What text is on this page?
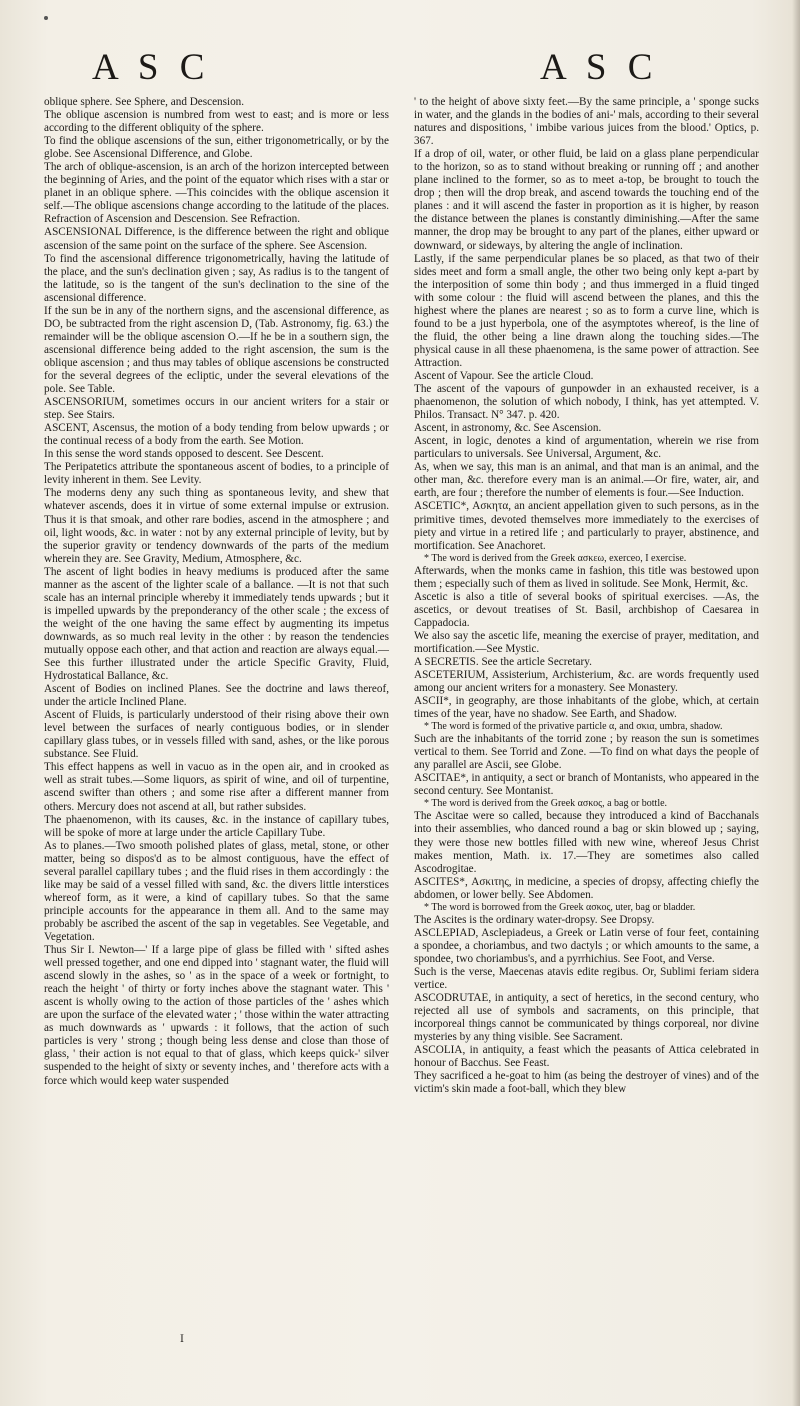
A S C	A S C

oblique sphere. See Sphere, and Descension.

The oblique ascension is numbred from west to east; and is more or less according to the different obliquity of the sphere.

To find the oblique ascensions of the sun, either trigonometrically, or by the globe. See Ascensional Difference, and Globe.

The arch of oblique-ascension, is an arch of the horizon intercepted between the beginning of Aries, and the point of the equator which rises with a star or planet in an oblique sphere. —This coincides with the oblique ascension it self.—The oblique ascensions change according to the latitude of the places. Refraction of Ascension and Descension. See Refraction.

ASCENSIONAL Difference, is the difference between the right and oblique ascension of the same point on the surface of the sphere. See Ascension.

To find the ascensional difference trigonometrically, having the latitude of the place, and the sun's declination given ; say, As radius is to the tangent of the latitude, so is the tangent of the sun's declination to the sine of the ascensional difference.

If the sun be in any of the northern signs, and the ascensional difference, as DO, be subtracted from the right ascension D, (Tab. Astronomy, fig. 63.) the remainder will be the oblique ascension O.—If he be in a southern sign, the ascensional difference being added to the right ascension, the sum is the oblique ascension ; and thus may tables of oblique ascensions be constructed for the several degrees of the ecliptic, under the several elevations of the pole. See Table.

ASCENSORIUM, sometimes occurs in our ancient writers for a stair or step. See Stairs.

ASCENT, Ascensus, the motion of a body tending from below upwards ; or the continual recess of a body from the earth. See Motion.

In this sense the word stands opposed to descent. See Descent.

The Peripatetics attribute the spontaneous ascent of bodies, to a principle of levity inherent in them. See Levity.

The moderns deny any such thing as spontaneous levity, and shew that whatever ascends, does it in virtue of some external impulse or extrusion. Thus it is that smoak, and other rare bodies, ascend in the atmosphere ; and oil, light woods, &c. in water : not by any external principle of levity, but by the superior gravity or tendency downwards of the parts of the medium wherein they are. See Gravity, Medium, Atmosphere, &c.

The ascent of light bodies in heavy mediums is produced after the same manner as the ascent of the lighter scale of a ballance. —It is not that such scale has an internal principle whereby it immediately tends upwards ; but it is impelled upwards by the preponderancy of the other scale ; the excess of the weight of the one having the same effect by augmenting its impetus downwards, as so much real levity in the other : by reason the tendencies mutually oppose each other, and that action and reaction are always equal.—See this further illustrated under the article Specific Gravity, Fluid, Hydrostatical Ballance, &c.

Ascent of Bodies on inclined Planes. See the doctrine and laws thereof, under the article Inclined Plane.

Ascent of Fluids, is particularly understood of their rising above their own level between the surfaces of nearly contiguous bodies, or in slender capillary glass tubes, or in vessels filled with sand, ashes, or the like porous substance. See Fluid.

This effect happens as well in vacuo as in the open air, and in crooked as well as strait tubes.—Some liquors, as spirit of wine, and oil of turpentine, ascend swifter than others ; and some rise after a different manner from others. Mercury does not ascend at all, but rather subsides.

The phaenomenon, with its causes, &c. in the instance of capillary tubes, will be spoke of more at large under the article Capillary Tube.

As to planes.—Two smooth polished plates of glass, metal, stone, or other matter, being so dispos'd as to be almost contiguous, have the effect of several parallel capillary tubes ; and the fluid rises in them accordingly : the like may be said of a vessel filled with sand, &c. the divers little interstices whereof form, as it were, a kind of capillary tubes. So that the same principle accounts for the appearance in them all. And to the same may probably be ascribed the ascent of the sap in vegetables. See Vegetable, and Vegetation.

Thus Sir I. Newton—' If a large pipe of glass be filled with ' sifted ashes well pressed together, and one end dipped into ' stagnant water, the fluid will ascend slowly in the ashes, so ' as in the space of a week or fortnight, to reach the height ' of thirty or forty inches above the stagnant water. This ' ascent is wholly owing to the action of those particles of the ' ashes which are upon the surface of the elevated water ; ' those within the water attracting as much downwards as ' upwards : it follows, that the action of such particles is very ' strong ; though being less dense and close than those of glass, ' their action is not equal to that of glass, which keeps quick-' silver suspended to the height of sixty or seventy inches, and ' therefore acts with a force which would keep water suspended

' to the height of above sixty feet.—By the same principle, a ' sponge sucks in water, and the glands in the bodies of ani-' mals, according to their several natures and dispositions, ' imbibe various juices from the blood.' Optics, p. 367.

If a drop of oil, water, or other fluid, be laid on a glass plane perpendicular to the horizon, so as to stand without breaking or running off ; and another plane inclined to the former, so as to meet a-top, be brought to touch the drop ; then will the drop break, and ascend towards the touching end of the planes : and it will ascend the faster in proportion as it is higher, by reason the distance between the planes is constantly diminishing.—After the same manner, the drop may be brought to any part of the planes, either upward or downward, or sideways, by altering the angle of inclination.

Lastly, if the same perpendicular planes be so placed, as that two of their sides meet and form a small angle, the other two being only kept a-part by the interposition of some thin body ; and thus immerged in a fluid tinged with some colour : the fluid will ascend between the planes, and this the highest where the planes are nearest ; so as to form a curve line, which is found to be a just hyperbola, one of the asymptotes whereof, is the line of the fluid, the other being a line drawn along the touching sides.—The physical cause in all these phaenomena, is the same power of attraction. See Attraction.

Ascent of Vapour. See the article Cloud.

The ascent of the vapours of gunpowder in an exhausted receiver, is a phaenomenon, the solution of which nobody, I think, has yet attempted. V. Philos. Transact. N° 347. p. 420.

Ascent, in astronomy, &c. See Ascension.

Ascent, in logic, denotes a kind of argumentation, wherein we rise from particulars to universals. See Universal, Argument, &c.

As, when we say, this man is an animal, and that man is an animal, and the other man, &c. therefore every man is an animal.—Or fire, water, air, and earth, are four ; therefore the number of elements is four.—See Induction.

ASCETIC*, Ασκητα, an ancient appellation given to such persons, as in the primitive times, devoted themselves more immediately to the exercises of piety and virtue in a retired life ; and particularly to prayer, abstinence, and mortification. See Anachoret.

* The word is derived from the Greek ασκεω, exerceo, I exercise.

Afterwards, when the monks came in fashion, this title was bestowed upon them ; especially such of them as lived in solitude. See Monk, Hermit, &c.

Ascetic is also a title of several books of spiritual exercises. —As, the ascetics, or devout treatises of St. Basil, archbishop of Caesarea in Cappadocia.

We also say the ascetic life, meaning the exercise of prayer, meditation, and mortification.—See Mystic.

A SECRETIS. See the article Secretary.

ASCETERIUM, Assisterium, Archisterium, &c. are words frequently used among our ancient writers for a monastery. See Monastery.

ASCII*, in geography, are those inhabitants of the globe, which, at certain times of the year, have no shadow. See Earth, and Shadow.

* The word is formed of the privative particle α, and σκια, umbra, shadow.

Such are the inhabitants of the torrid zone ; by reason the sun is sometimes vertical to them. See Torrid and Zone. —To find on what days the people of any parallel are Ascii, see Globe.

ASCITAE*, in antiquity, a sect or branch of Montanists, who appeared in the second century. See Montanist.

* The word is derived from the Greek ασκος, a bag or bottle.

The Ascitae were so called, because they introduced a kind of Bacchanals into their assemblies, who danced round a bag or skin blowed up ; saying, they were those new bottles filled with new wine, whereof Jesus Christ makes mention, Math. ix. 17.—They are sometimes also called Ascodrogitae.

ASCITES*, Ασκιτης, in medicine, a species of dropsy, affecting chiefly the abdomen, or lower belly. See Abdomen.

* The word is borrowed from the Greek ασκος, uter, bag or bladder.

The Ascites is the ordinary water-dropsy. See Dropsy.

ASCLEPIAD, Asclepiadeus, a Greek or Latin verse of four feet, containing a spondee, a choriambus, and two dactyls ; or which amounts to the same, a spondee, two choriambus's, and a pyrrhichius. See Foot, and Verse.

Such is the verse, Maecenas atavis edite regibus. Or, Sublimi feriam sidera vertice.

ASCODRUTAE, in antiquity, a sect of heretics, in the second century, who rejected all use of symbols and sacraments, on this principle, that incorporeal things cannot be communicated by things corporeal, nor divine mysteries by any thing visible. See Sacrament.

ASCOLIA, in antiquity, a feast which the peasants of Attica celebrated in honour of Bacchus. See Feast.

They sacrificed a he-goat to him (as being the destroyer of vines) and of the victim's skin made a foot-ball, which they blew

I
